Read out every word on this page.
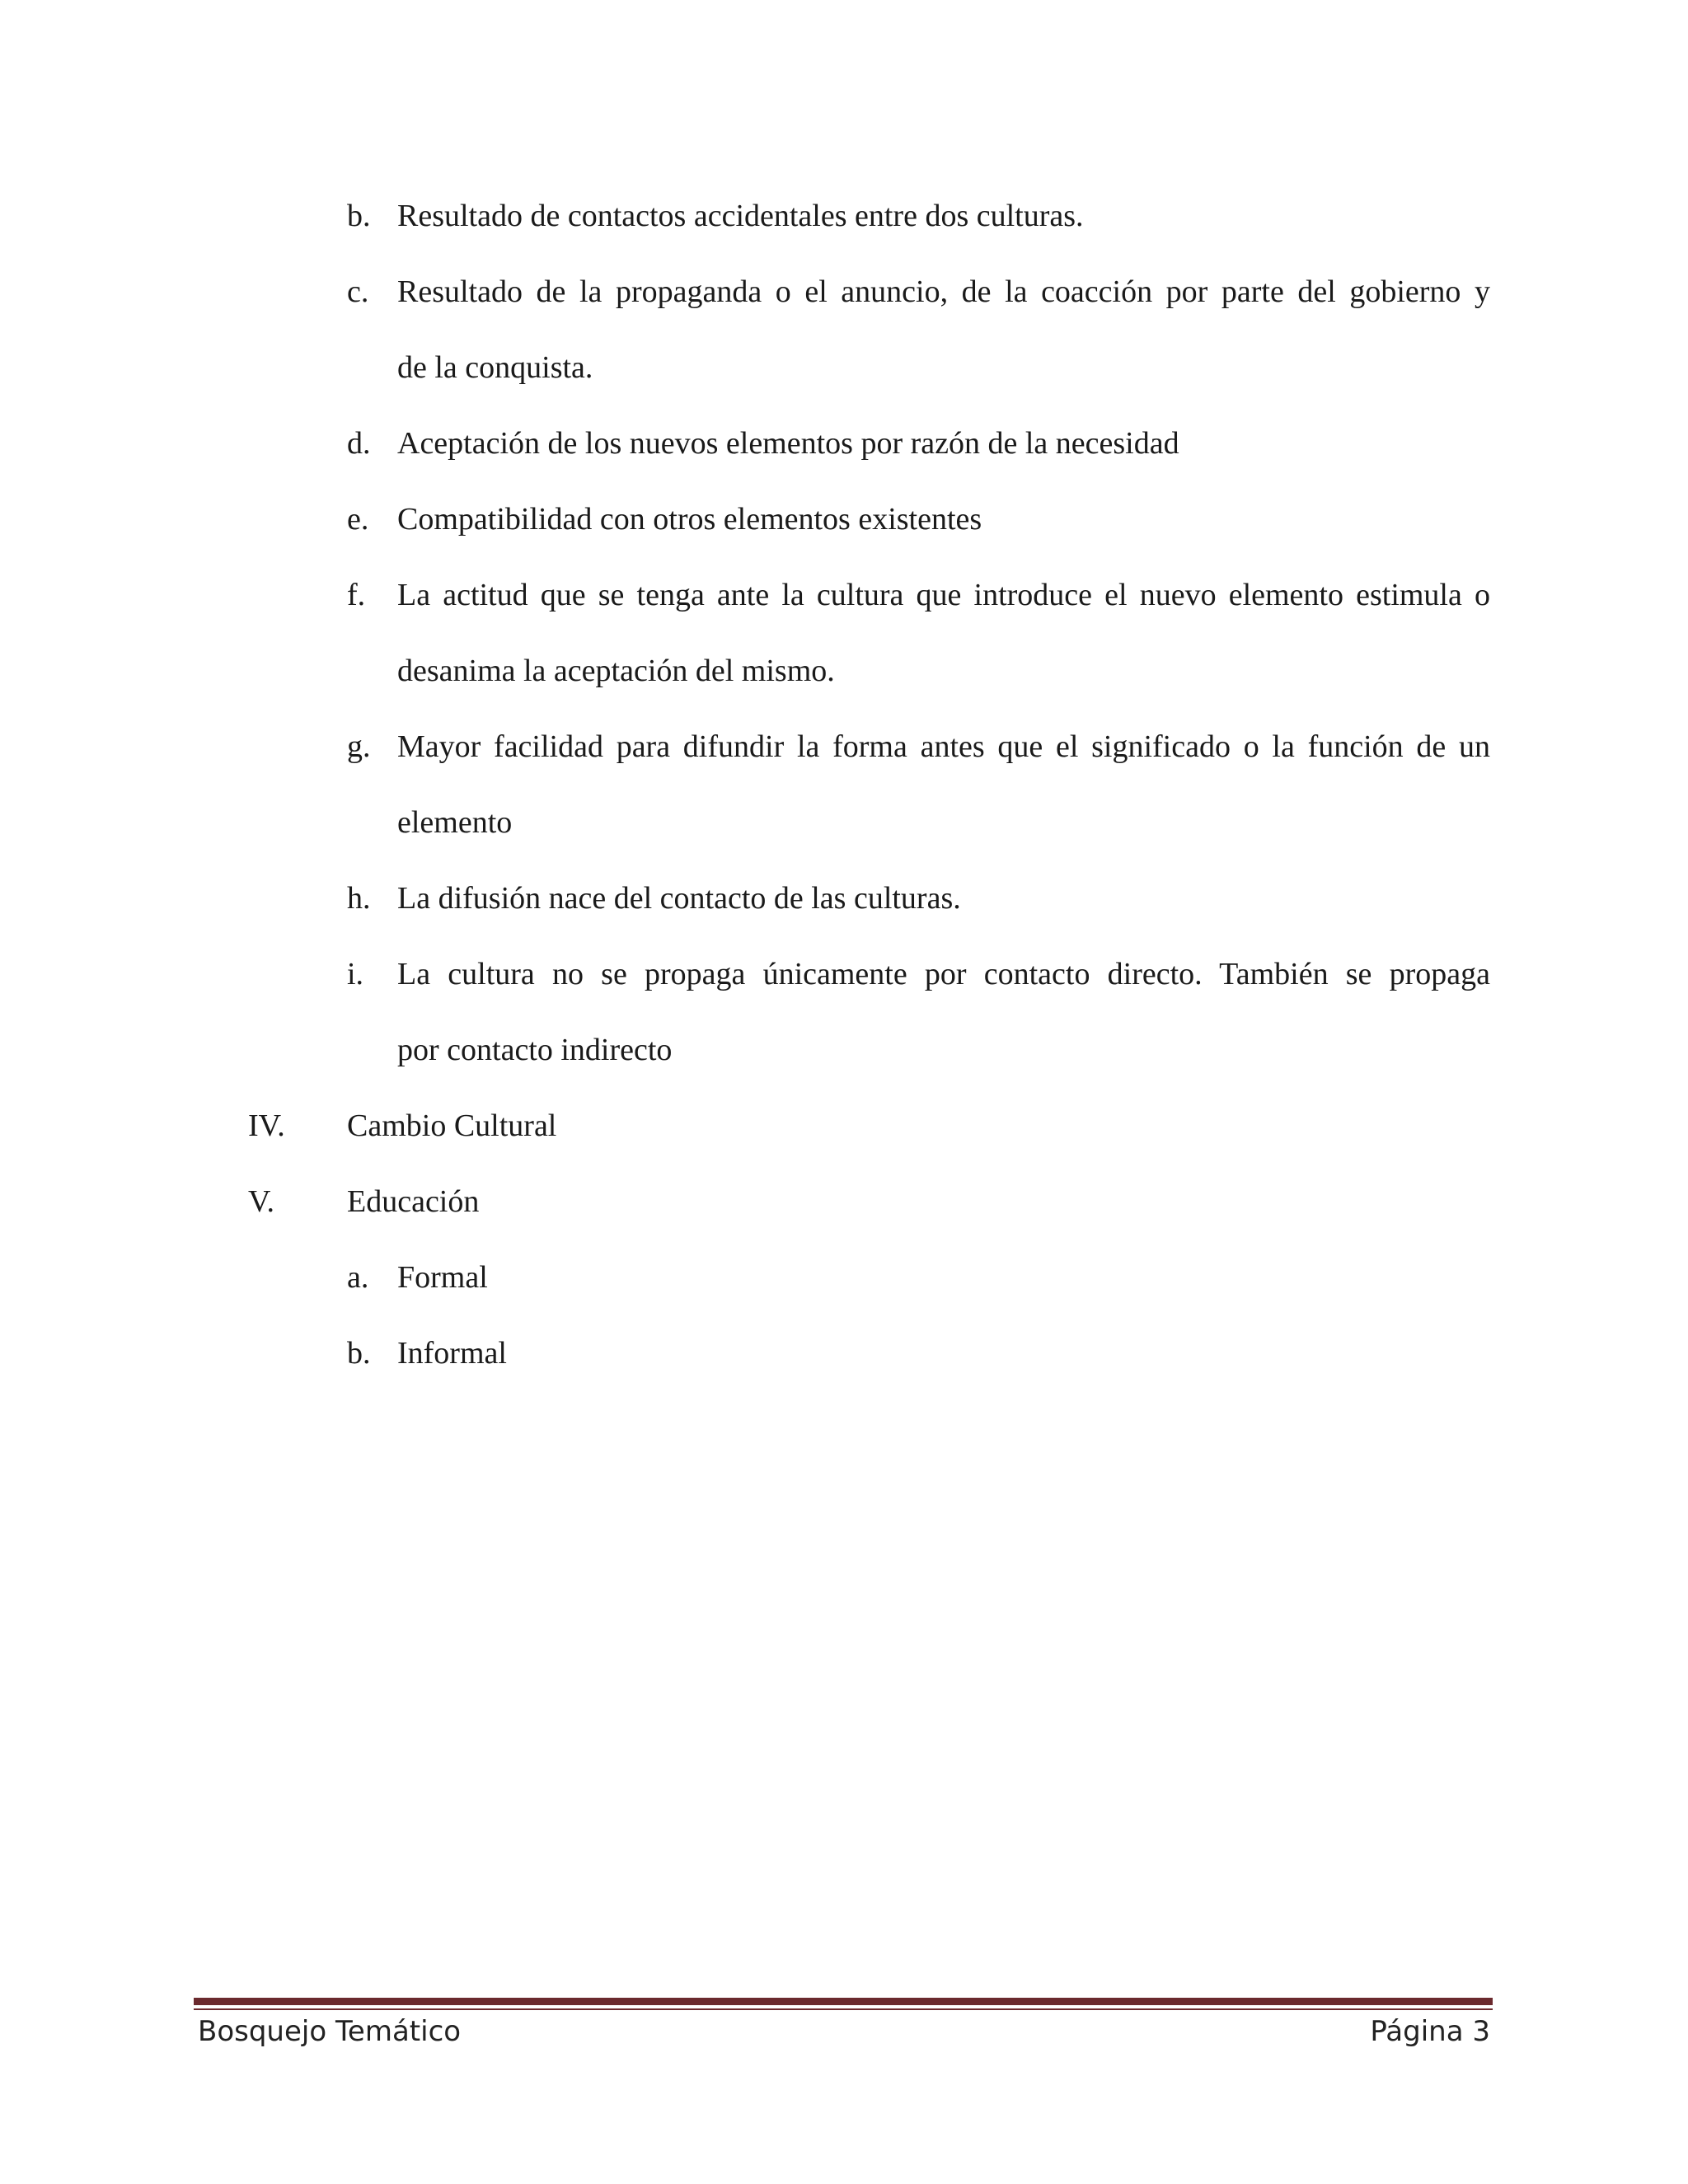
b. Resultado de contactos accidentales entre dos culturas.
c. Resultado de la propaganda o el anuncio, de la coacción por parte del gobierno y
de la conquista.
d. Aceptación de los nuevos elementos por razón de la necesidad
e. Compatibilidad con otros elementos existentes
f. La actitud que se tenga ante la cultura que introduce el nuevo elemento estimula o
desanima la aceptación del mismo.
g. Mayor facilidad para difundir la forma antes que el significado o la función de un
elemento
h. La difusión nace del contacto de las culturas.
i. La cultura no se propaga únicamente por contacto directo. También se propaga
por contacto indirecto
IV. Cambio Cultural
V. Educación
a. Formal
b. Informal
Bosquejo Temático	Página 3
